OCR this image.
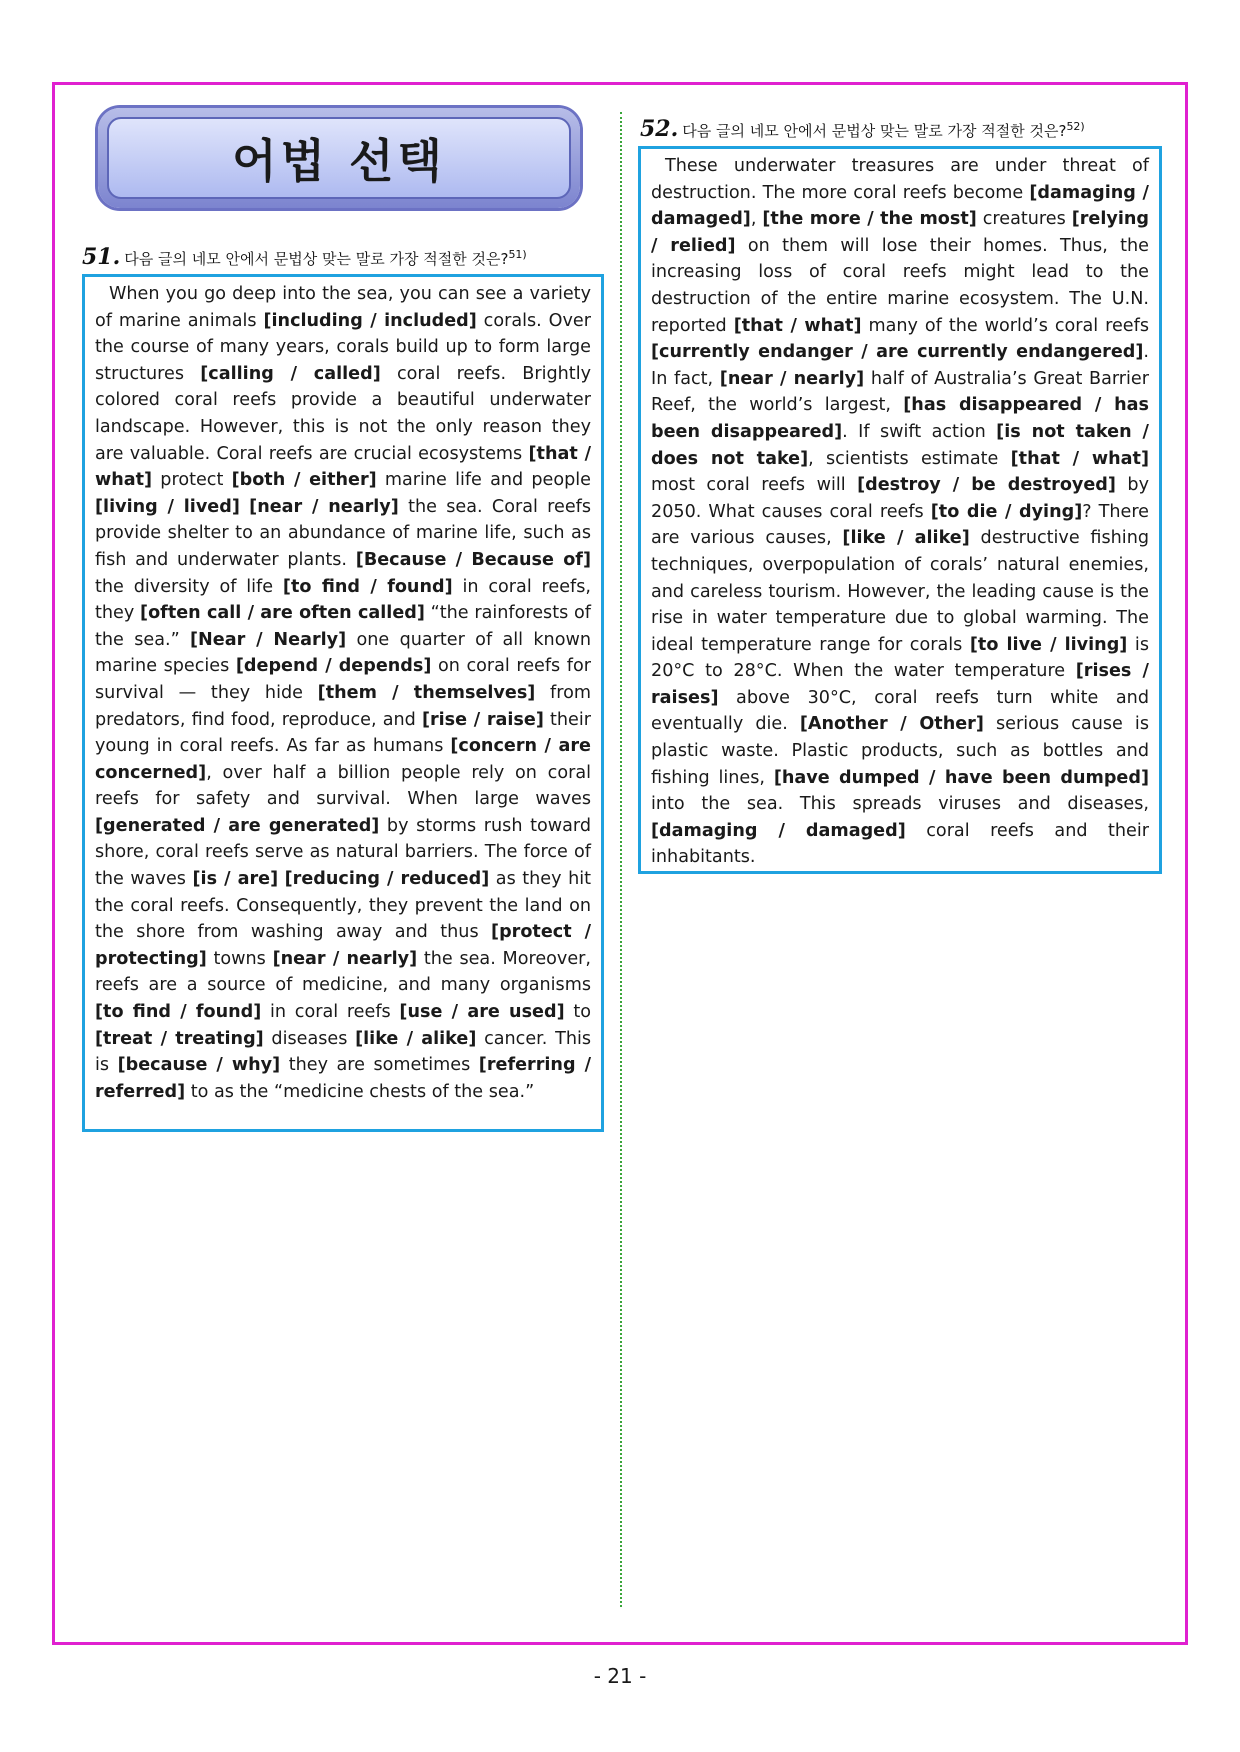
어법 선택
51. 다음 글의 네모 안에서 문법상 맞는 말로 가장 적절한 것은?$^{51)}$

When you go deep into the sea, you can see a variety of marine animals [including / included] corals. Over the course of many years, corals build up to form large structures [calling / called] coral reefs. Brightly colored coral reefs provide a beautiful underwater landscape. However, this is not the only reason they are valuable. Coral reefs are crucial ecosystems [that / what] protect [both / either] marine life and people [living / lived] [near / nearly] the sea. Coral reefs provide shelter to an abundance of marine life, such as fish and underwater plants. [Because / Because of] the diversity of life [to find / found] in coral reefs, they [often call / are often called] “the rainforests of the sea.” [Near / Nearly] one quarter of all known marine species [depend / depends] on coral reefs for survival — they hide [them / themselves] from predators, find food, reproduce, and [rise / raise] their young in coral reefs. As far as humans [concern / are concerned], over half a billion people rely on coral reefs for safety and survival. When large waves [generated / are generated] by storms rush toward shore, coral reefs serve as natural barriers. The force of the waves [is / are] [reducing / reduced] as they hit the coral reefs. Consequently, they prevent the land on the shore from washing away and thus [protect / protecting] towns [near / nearly] the sea. Moreover, reefs are a source of medicine, and many organisms [to find / found] in coral reefs [use / are used] to [treat / treating] diseases [like / alike] cancer. This is [because / why] they are sometimes [referring / referred] to as the “medicine chests of the sea.”

52. 다음 글의 네모 안에서 문법상 맞는 말로 가장 적절한 것은?$^{52)}$

These underwater treasures are under threat of destruction. The more coral reefs become [damaging / damaged], [the more / the most] creatures [relying / relied] on them will lose their homes. Thus, the increasing loss of coral reefs might lead to the destruction of the entire marine ecosystem. The U.N. reported [that / what] many of the world’s coral reefs [currently endanger / are currently endangered]. In fact, [near / nearly] half of Australia’s Great Barrier Reef, the world’s largest, [has disappeared / has been disappeared]. If swift action [is not taken / does not take], scientists estimate [that / what] most coral reefs will [destroy / be destroyed] by 2050. What causes coral reefs [to die / dying]? There are various causes, [like / alike] destructive fishing techniques, overpopulation of corals’ natural enemies, and careless tourism. However, the leading cause is the rise in water temperature due to global warming. The ideal temperature range for corals [to live / living] is 20°C to 28°C. When the water temperature [rises / raises] above 30°C, coral reefs turn white and eventually die. [Another / Other] serious cause is plastic waste. Plastic products, such as bottles and fishing lines, [have dumped / have been dumped] into the sea. This spreads viruses and diseases, [damaging / damaged] coral reefs and their inhabitants.

- 21 -
